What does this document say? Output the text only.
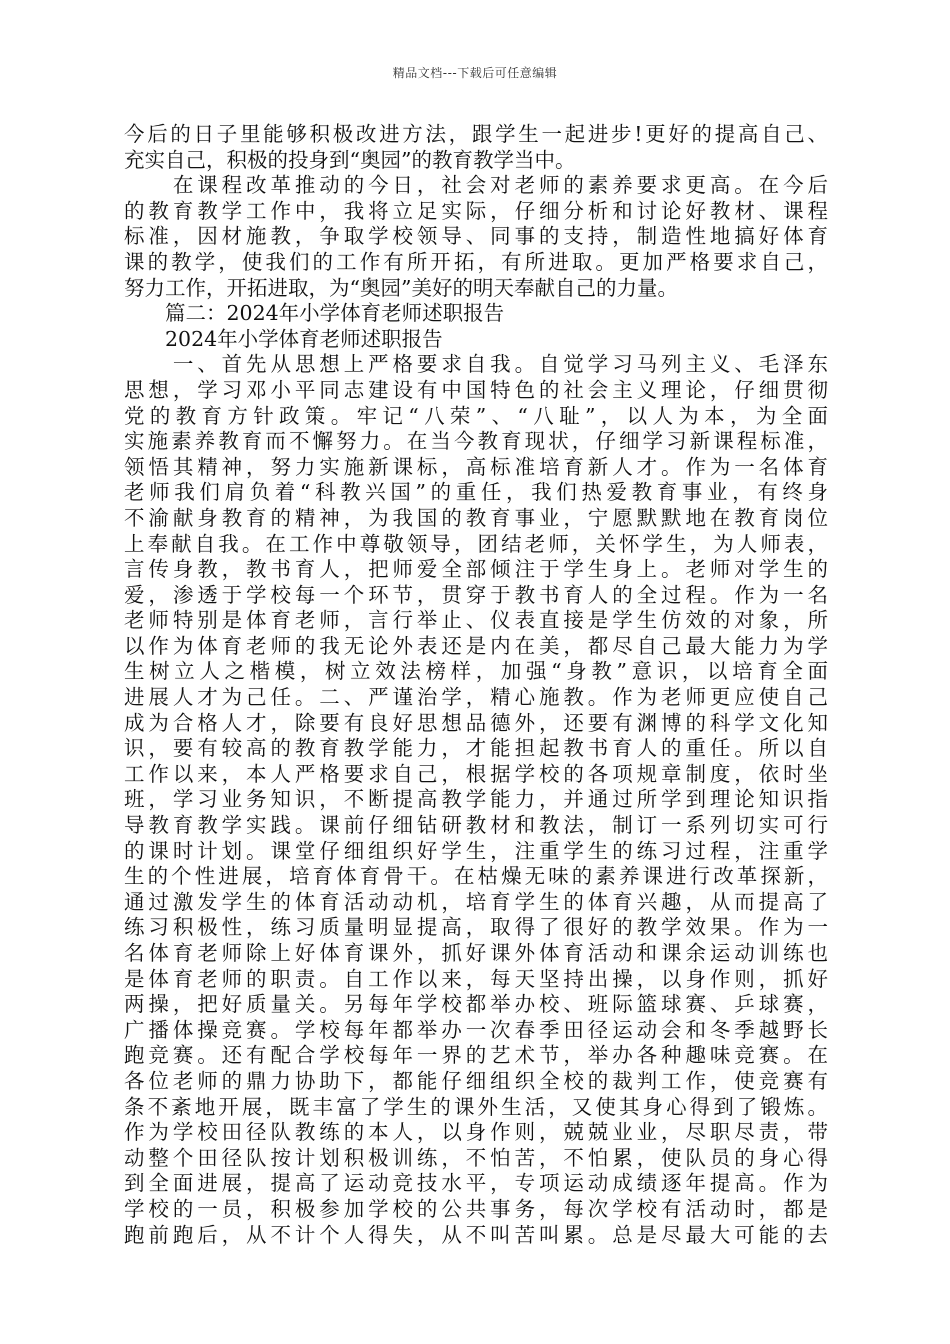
精品文档---下载后可任意编辑
今后的日子里能够积极改进方法，跟学生一起进步!更好的提高自己、
充实自己，积极的投身到“奥园”的教育教学当中。
　　在课程改革推动的今日，社会对老师的素养要求更高。在今后
的教育教学工作中，我将立足实际，仔细分析和讨论好教材、课程
标准，因材施教，争取学校领导、同事的支持，制造性地搞好体育
课的教学，使我们的工作有所开拓，有所进取。更加严格要求自己，
努力工作，开拓进取，为“奥园”美好的明天奉献自己的力量。
　　篇二：2024年小学体育老师述职报告
　　2024年小学体育老师述职报告
　　一、首先从思想上严格要求自我。自觉学习马列主义、毛泽东
思想，学习邓小平同志建设有中国特色的社会主义理论，仔细贯彻
党的教育方针政策。牢记“八荣”、“八耻”，以人为本，为全面
实施素养教育而不懈努力。在当今教育现状，仔细学习新课程标准，
领悟其精神，努力实施新课标，高标准培育新人才。作为一名体育
老师我们肩负着“科教兴国”的重任，我们热爱教育事业，有终身
不渝献身教育的精神，为我国的教育事业，宁愿默默地在教育岗位
上奉献自我。在工作中尊敬领导，团结老师，关怀学生，为人师表，
言传身教，教书育人，把师爱全部倾注于学生身上。老师对学生的
爱，渗透于学校每一个环节，贯穿于教书育人的全过程。作为一名
老师特别是体育老师，言行举止、仪表直接是学生仿效的对象，所
以作为体育老师的我无论外表还是内在美，都尽自己最大能力为学
生树立人之楷模，树立效法榜样，加强“身教”意识，以培育全面
进展人才为己任。二、严谨治学，精心施教。作为老师更应使自己
成为合格人才，除要有良好思想品德外，还要有渊博的科学文化知
识，要有较高的教育教学能力，才能担起教书育人的重任。所以自
工作以来，本人严格要求自己，根据学校的各项规章制度，依时坐
班，学习业务知识，不断提高教学能力，并通过所学到理论知识指
导教育教学实践。课前仔细钻研教材和教法，制订一系列切实可行
的课时计划。课堂仔细组织好学生，注重学生的练习过程，注重学
生的个性进展，培育体育骨干。在枯燥无味的素养课进行改革探新，
通过激发学生的体育活动动机，培育学生的体育兴趣，从而提高了
练习积极性，练习质量明显提高，取得了很好的教学效果。作为一
名体育老师除上好体育课外，抓好课外体育活动和课余运动训练也
是体育老师的职责。自工作以来，每天坚持出操，以身作则，抓好
两操，把好质量关。另每年学校都举办校、班际篮球赛、乒球赛，
广播体操竞赛。学校每年都举办一次春季田径运动会和冬季越野长
跑竞赛。还有配合学校每年一界的艺术节，举办各种趣味竞赛。在
各位老师的鼎力协助下，都能仔细组织全校的裁判工作，使竞赛有
条不紊地开展，既丰富了学生的课外生活，又使其身心得到了锻炼。
作为学校田径队教练的本人，以身作则，兢兢业业，尽职尽责，带
动整个田径队按计划积极训练，不怕苦，不怕累，使队员的身心得
到全面进展，提高了运动竞技水平，专项运动成绩逐年提高。作为
学校的一员，积极参加学校的公共事务，每次学校有活动时，都是
跑前跑后，从不计个人得失，从不叫苦叫累。总是尽最大可能的去
